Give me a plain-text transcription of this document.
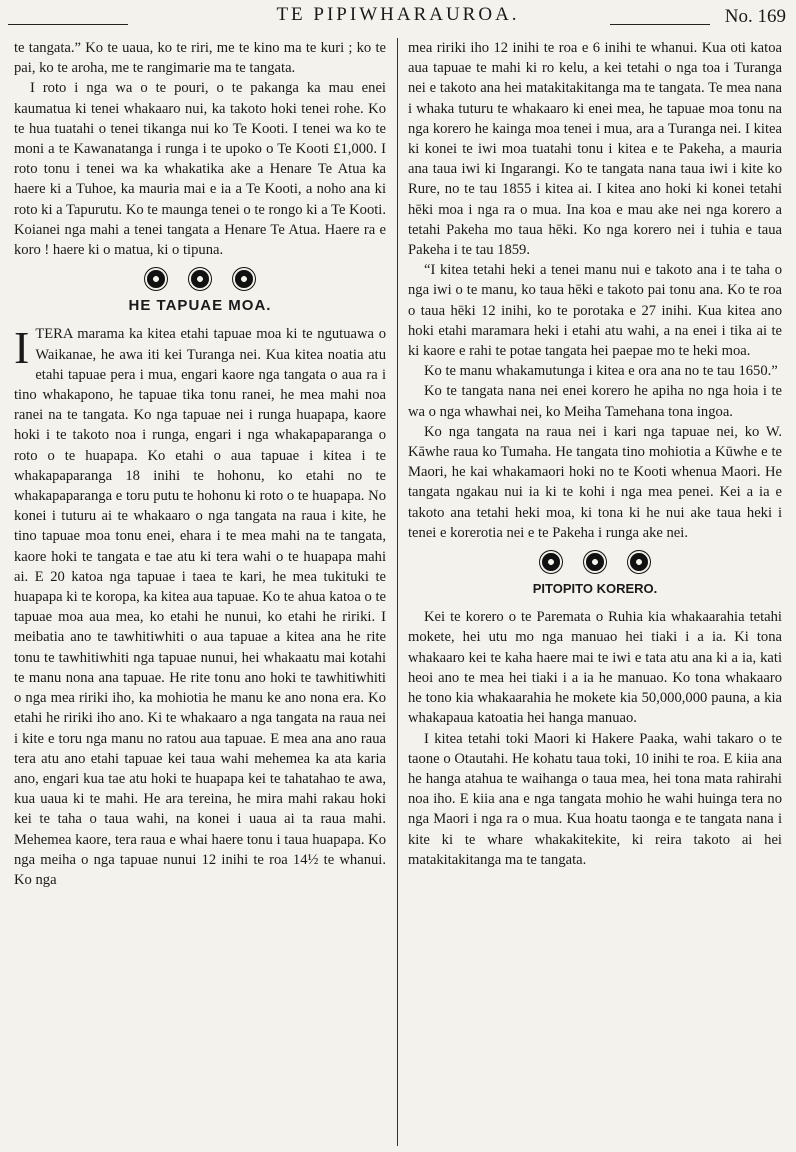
TE PIPIWHARAUROA.	No. 169

te tangata.” Ko te uaua, ko te riri, me te kino ma te kuri ; ko te pai, ko te aroha, me te rangimarie ma te tangata.

I roto i nga wa o te pouri, o te pakanga ka mau enei kaumatua ki tenei whakaaro nui, ka takoto hoki tenei rohe. Ko te hua tuatahi o tenei tikanga nui ko Te Kooti. I tenei wa ko te moni a te Kawanatanga i runga i te upoko o Te Kooti £1,000. I roto tonu i tenei wa ka whakatika ake a Henare Te Atua ka haere ki a Tuhoe, ka mauria mai e ia a Te Kooti, a noho ana ki roto ki a Tapurutu. Ko te maunga tenei o te rongo ki a Te Kooti. Koianei nga mahi a tenei tangata a Henare Te Atua. Haere ra e koro ! haere ki o matua, ki o tipuna.

HE TAPUAE MOA.

ITERA marama ka kitea etahi tapuae moa ki te ngutuawa o Waikanae, he awa iti kei Turanga nei. Kua kitea noatia atu etahi tapuae pera i mua, engari kaore nga tangata o aua ra i tino whakapono, he tapuae tika tonu ranei, he mea mahi noa ranei na te tangata. Ko nga tapuae nei i runga huapapa, kaore hoki i te takoto noa i runga, engari i nga whakapaparanga o roto o te huapapa. Ko etahi o aua tapuae i kitea i te whakapaparanga 18 inihi te hohonu, ko etahi no te whakapaparanga e toru putu te hohonu ki roto o te huapapa. No konei i tuturu ai te whakaaro o nga tangata na raua i kite, he tino tapuae moa tonu enei, ehara i te mea mahi na te tangata, kaore hoki te tangata e tae atu ki tera wahi o te huapapa mahi ai. E 20 katoa nga tapuae i taea te kari, he mea tukituki te huapapa ki te koropa, ka kitea aua tapuae. Ko te ahua katoa o te tapuae moa aua mea, ko etahi he nunui, ko etahi he ririki. I meibatia ano te tawhitiwhiti o aua tapuae a kitea ana he rite tonu te tawhitiwhiti nga tapuae nunui, hei whakaatu mai kotahi te manu nona ana tapuae. He rite tonu ano hoki te tawhitiwhiti o nga mea ririki iho, ka mohiotia he manu ke ano nona era. Ko etahi he ririki iho ano. Ki te whakaaro a nga tangata na raua nei i kite e toru nga manu no ratou aua tapuae. E mea ana ano raua tera atu ano etahi tapuae kei taua wahi mehemea ka ata karia ano, engari kua tae atu hoki te huapapa kei te tahatahao te awa, kua uaua ki te mahi. He ara tereina, he mira mahi rakau hoki kei te taha o taua wahi, na konei i uaua ai ta raua mahi. Mehemea kaore, tera raua e whai haere tonu i taua huapapa. Ko nga meiha o nga tapuae nunui 12 inihi te roa 14½ te whanui. Ko nga

mea ririki iho 12 inihi te roa e 6 inihi te whanui. Kua oti katoa aua tapuae te mahi ki ro kelu, a kei tetahi o nga toa i Turanga nei e takoto ana hei matakitakitanga ma te tangata. Te mea nana i whaka tuturu te whakaaro ki enei mea, he tapuae moa tonu na nga korero he kainga moa tenei i mua, ara a Turanga nei. I kitea ki konei te iwi moa tuatahi tonu i kitea e te Pakeha, a mauria ana taua iwi ki Ingarangi. Ko te tangata nana taua iwi i kite ko Rure, no te tau 1855 i kitea ai. I kitea ano hoki ki konei tetahi hēki moa i nga ra o mua. Ina koa e mau ake nei nga korero a tetahi Pakeha mo taua hēki. Ko nga korero nei i tuhia e taua Pakeha i te tau 1859.

“I kitea tetahi heki a tenei manu nui e takoto ana i te taha o nga iwi o te manu, ko taua hēki e takoto pai tonu ana. Ko te roa o taua hēki 12 inihi, ko te porotaka e 27 inihi. Kua kitea ano hoki etahi maramara heki i etahi atu wahi, a na enei i tika ai te ki kaore e rahi te potae tangata hei paepae mo te heki moa.

Ko te manu whakamutunga i kitea e ora ana no te tau 1650.”

Ko te tangata nana nei enei korero he apiha no nga hoia i te wa o nga whawhai nei, ko Meiha Tamehana tona ingoa.

Ko nga tangata na raua nei i kari nga tapuae nei, ko W. Kāwhe raua ko Tumaha. He tangata tino mohiotia a Kūwhe e te Maori, he kai whakamaori hoki no te Kooti whenua Maori. He tangata ngakau nui ia ki te kohi i nga mea penei. Kei a ia e takoto ana tetahi heki moa, ki tona ki he nui ake taua heki i tenei e korerotia nei e te Pakeha i runga ake nei.

PITOPITO KORERO.

Kei te korero o te Paremata o Ruhia kia whakaarahia tetahi mokete, hei utu mo nga manuao hei tiaki i a ia. Ki tona whakaaro kei te kaha haere mai te iwi e tata atu ana ki a ia, kati heoi ano te mea hei tiaki i a ia he manuao. Ko tona whakaaro he tono kia whakaarahia he mokete kia 50,000,000 pauna, a kia whakapaua katoatia hei hanga manuao.

I kitea tetahi toki Maori ki Hakere Paaka, wahi takaro o te taone o Otautahi. He kohatu taua toki, 10 inihi te roa. E kiia ana he hanga atahua te waihanga o taua mea, hei tona mata rahirahi noa iho. E kiia ana e nga tangata mohio he wahi huinga tera no nga Maori i nga ra o mua. Kua hoatu taonga e te tangata nana i kite ki te whare whakakitekite, ki reira takoto ai hei matakitakitanga ma te tangata.
